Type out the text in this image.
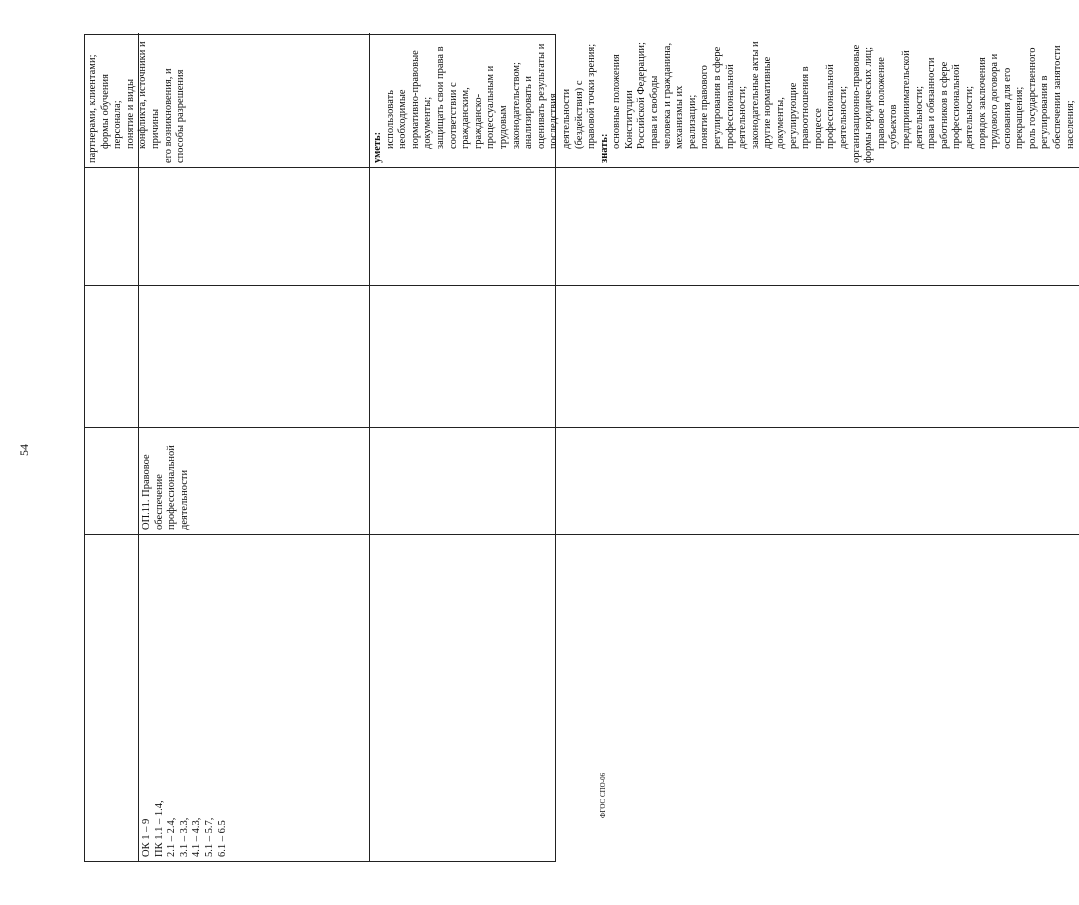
54

партнерами, клиентами; формы обучения персонала; понятие и виды конфликта, источники и причины его возникновения, и способы разрешения

ОК 1 – 9 ПК 1.1 – 1.4, 2.1 – 2.4, 3.1 – 3.3, 4.1 – 4.3, 5.1 – 5.7, 6.1 – 6.5

ОП.11. Правовое обеспечение профессиональной деятельности

уметь: использовать необходимые нормативно-правовые документы; защищать свои права в соответствии с гражданским, гражданско-процессуальным и трудовым законодательством; анализировать и оценивать результаты и последствия деятельности (бездействия) с правовой точки зрения; знать: основные положения Конституции Российской Федерации; права и свободы человека и гражданина, механизмы их реализации; понятие правового регулирования в сфере профессиональной деятельности; законодательные акты и другие нормативные документы, регулирующие правоотношения в процессе профессиональной деятельности; организационно-правовые формы юридических лиц; правовое положение субъектов предпринимательской деятельности; права и обязанности работников в сфере профессиональной деятельности; порядок заключения трудового договора и основания для его прекращения; роль государственного регулирования в обеспечении занятости населения;

ФГОС СПО-06
